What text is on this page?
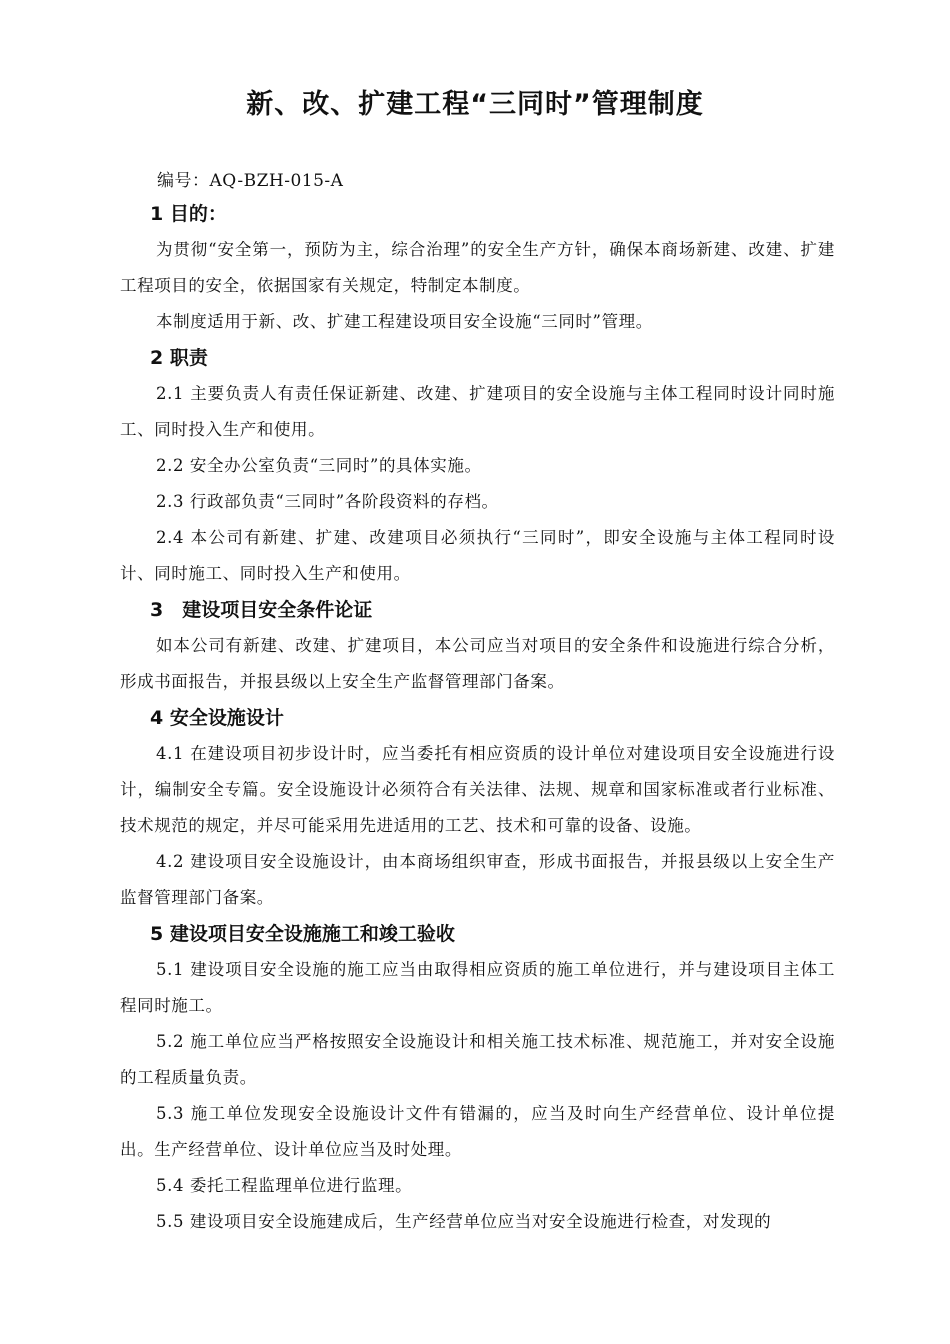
新、改、扩建工程“三同时”管理制度
编号：AQ-BZH-015-A

1 目的：

为贯彻“安全第一，预防为主，综合治理”的安全生产方针，确保本商场新建、改建、扩建工程项目的安全，依据国家有关规定，特制定本制度。

本制度适用于新、改、扩建工程建设项目安全设施“三同时”管理。

2 职责

2.1 主要负责人有责任保证新建、改建、扩建项目的安全设施与主体工程同时设计同时施工、同时投入生产和使用。

2.2 安全办公室负责“三同时”的具体实施。

2.3 行政部负责“三同时”各阶段资料的存档。

2.4 本公司有新建、扩建、改建项目必须执行“三同时”，即安全设施与主体工程同时设计、同时施工、同时投入生产和使用。

3　建设项目安全条件论证

如本公司有新建、改建、扩建项目，本公司应当对项目的安全条件和设施进行综合分析，形成书面报告，并报县级以上安全生产监督管理部门备案。

4 安全设施设计

4.1 在建设项目初步设计时，应当委托有相应资质的设计单位对建设项目安全设施进行设计，编制安全专篇。安全设施设计必须符合有关法律、法规、规章和国家标准或者行业标准、技术规范的规定，并尽可能采用先进适用的工艺、技术和可靠的设备、设施。

4.2 建设项目安全设施设计，由本商场组织审查，形成书面报告，并报县级以上安全生产监督管理部门备案。

5 建设项目安全设施施工和竣工验收

5.1 建设项目安全设施的施工应当由取得相应资质的施工单位进行，并与建设项目主体工程同时施工。

5.2 施工单位应当严格按照安全设施设计和相关施工技术标准、规范施工，并对安全设施的工程质量负责。

5.3 施工单位发现安全设施设计文件有错漏的，应当及时向生产经营单位、设计单位提出。生产经营单位、设计单位应当及时处理。

5.4 委托工程监理单位进行监理。

5.5 建设项目安全设施建成后，生产经营单位应当对安全设施进行检查，对发现的
